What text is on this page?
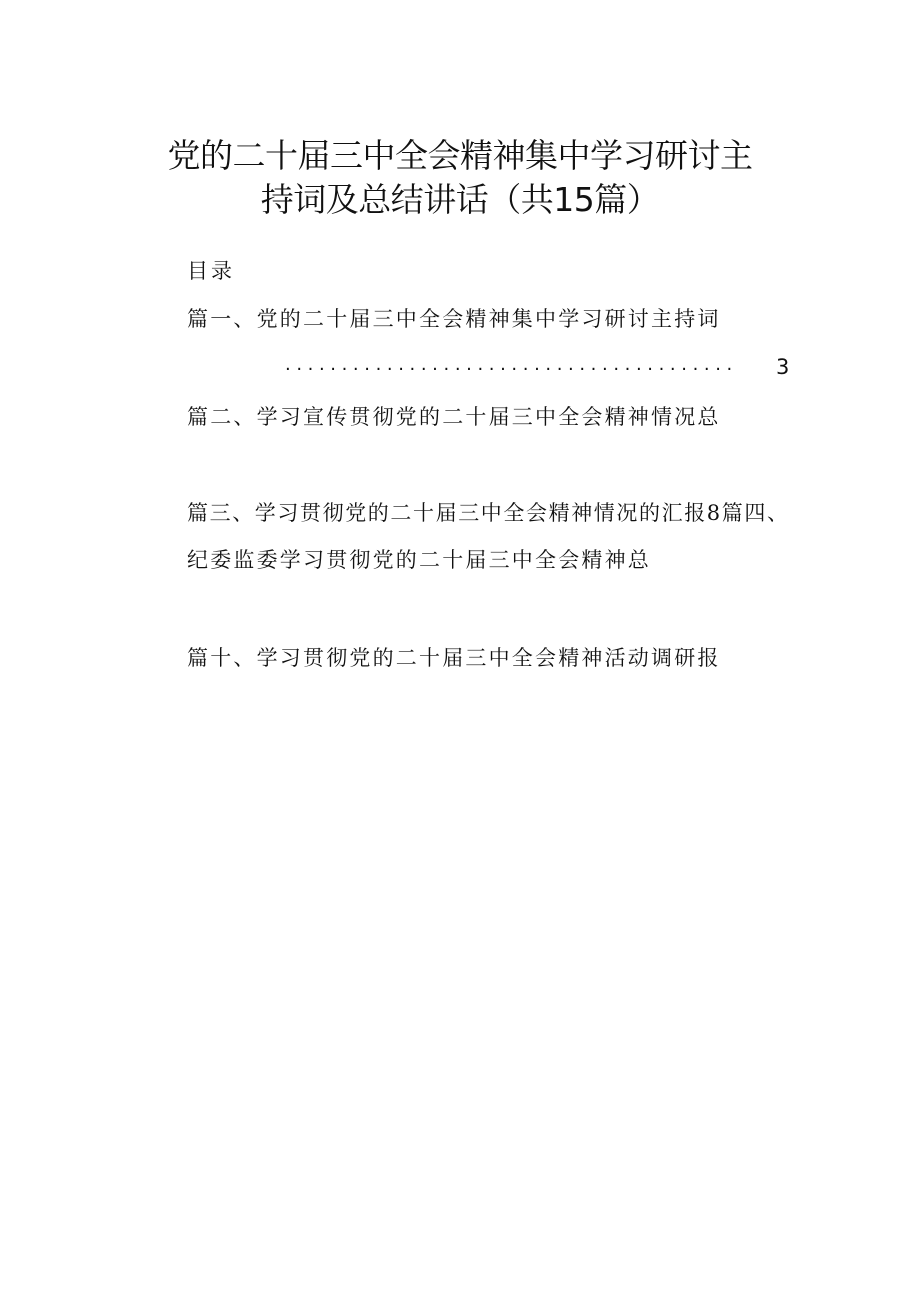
党的二十届三中全会精神集中学习研讨主
持词及总结讲话（共15篇）
目录
篇一、党的二十届三中全会精神集中学习研讨主持词
........................................	3
篇二、学习宣传贯彻党的二十届三中全会精神情况总
篇三、学习贯彻党的二十届三中全会精神情况的汇报8篇四、
纪委监委学习贯彻党的二十届三中全会精神总
篇十、学习贯彻党的二十届三中全会精神活动调研报
